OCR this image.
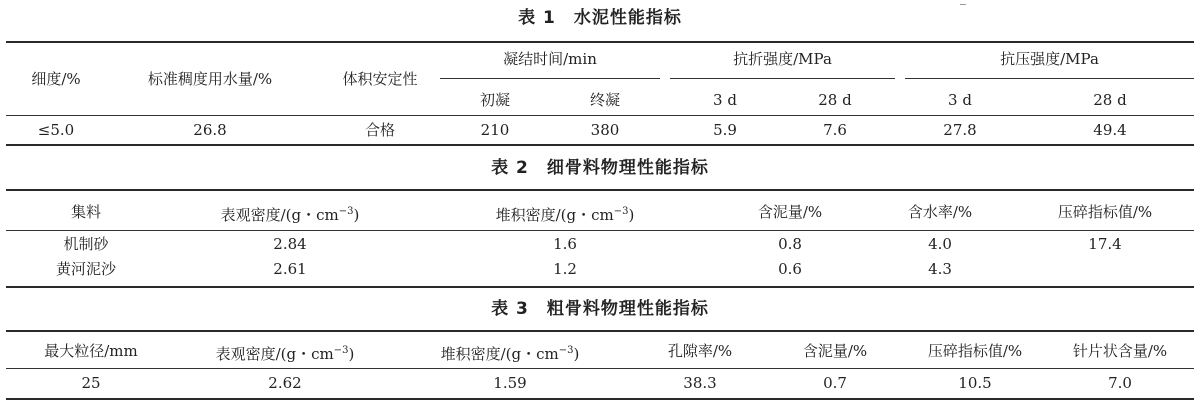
表 1　水泥性能指标
细度/%	标准稠度用水量/%	体积安定性
凝结时间/min	抗折强度/MPa	抗压强度/MPa
初凝	终凝	3 d	28 d	3 d	28 d
≤5.0	26.8	合格	210	380	5.9	7.6	27.8	49.4
表 2　细骨料物理性能指标
集料	表观密度/(g・$cm^{-3}$)	堆积密度/(g・$cm^{-3}$)	含泥量/%	含水率/%	压碎指标值/%
机制砂	2.84	1.6	0.8	4.0	17.4
黄河泥沙	2.61	1.2	0.6	4.3
表 3　粗骨料物理性能指标
最大粒径/mm	表观密度/(g・$cm^{-3}$)	堆积密度/(g・$cm^{-3}$)	孔隙率/%	含泥量/%	压碎指标值/%	针片状含量/%
25	2.62	1.59	38.3	0.7	10.5	7.0
